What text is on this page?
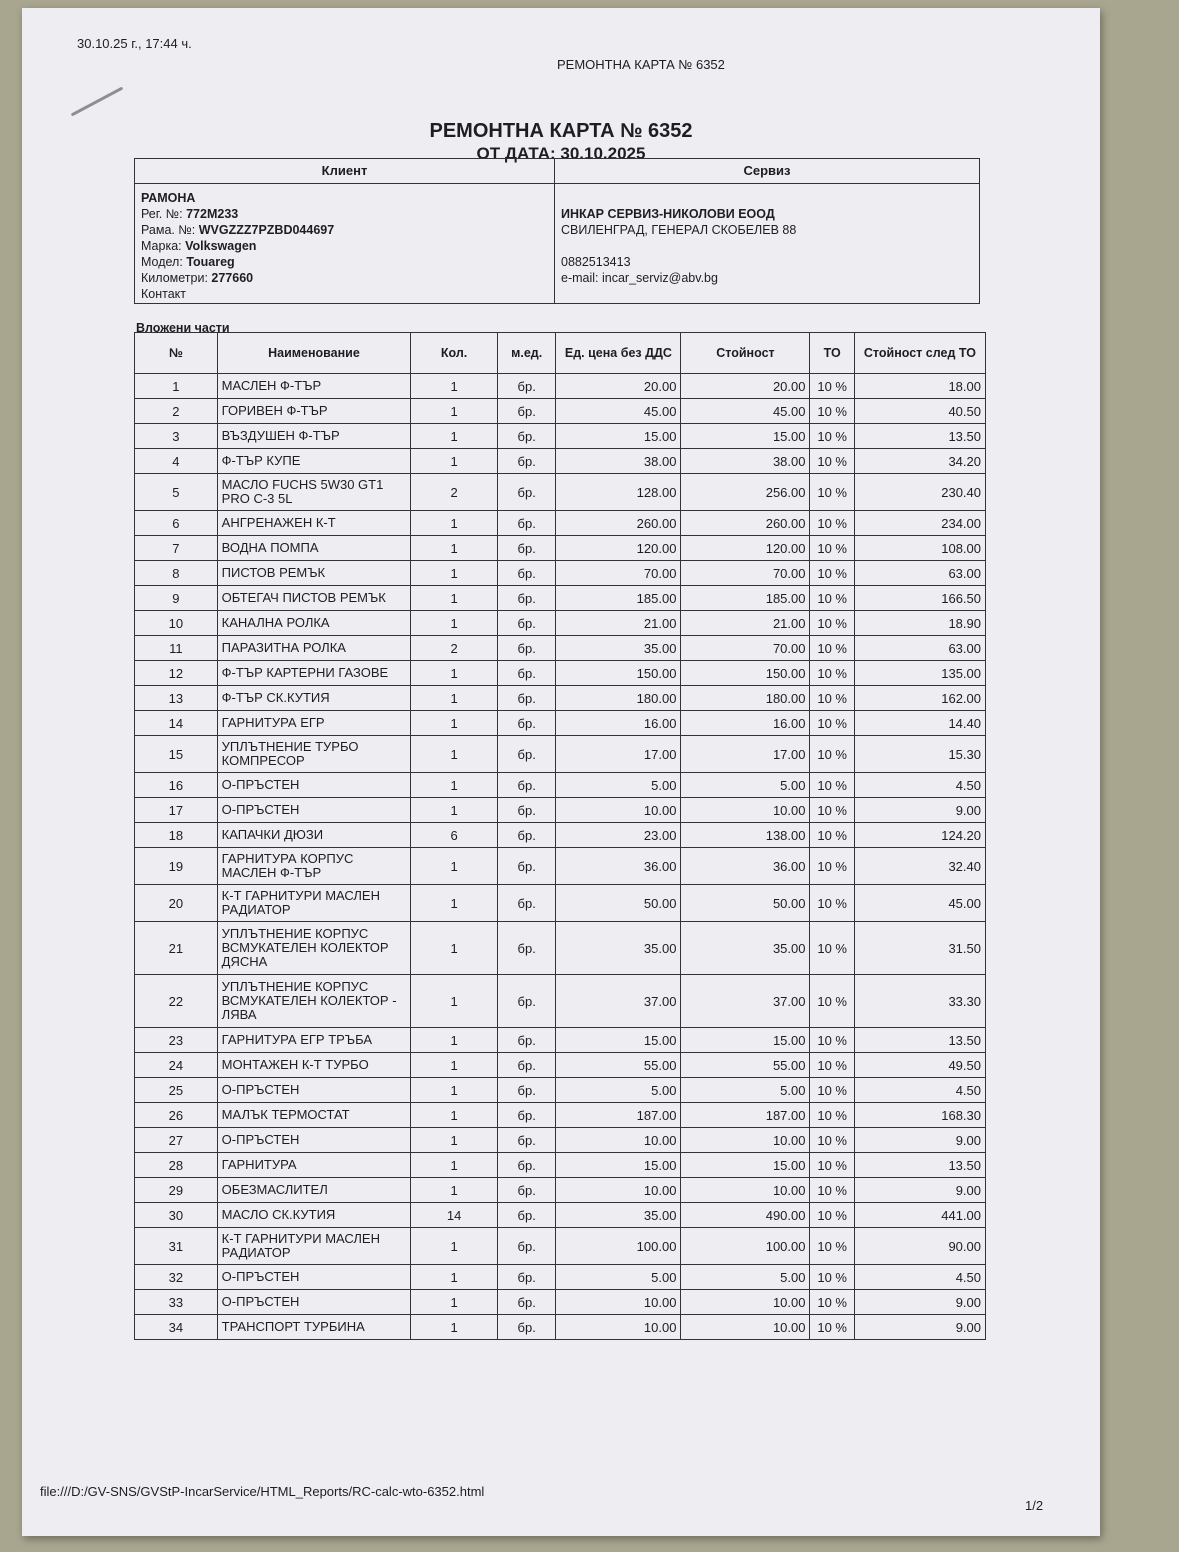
30.10.25 г., 17:44 ч.
РЕМОНТНА КАРТА № 6352
РЕМОНТНА КАРТА № 6352
ОТ ДАТА: 30.10.2025
Клиент	Сервиз
РАМОНА
Рег. №: 772M233
Рама. №: WVGZZZ7PZBD044697
Марка: Volkswagen
Модел: Touareg
Километри: 277660
Контакт
ИНКАР СЕРВИЗ-НИКОЛОВИ ЕООД
СВИЛЕНГРАД, ГЕНЕРАЛ СКОБЕЛЕВ 88
0882513413
e-mail: incar_serviz@abv.bg
Вложени части
№	Наименование	Кол.	м.ед.	Ед. цена без ДДС	Стойност	ТО	Стойност след ТО
1	МАСЛЕН Ф-ТЪР	1	бр.	20.00	20.00	10 %	18.00
2	ГОРИВЕН Ф-ТЪР	1	бр.	45.00	45.00	10 %	40.50
3	ВЪЗДУШЕН Ф-ТЪР	1	бр.	15.00	15.00	10 %	13.50
4	Ф-ТЪР КУПЕ	1	бр.	38.00	38.00	10 %	34.20
5	МАСЛО FUCHS 5W30 GT1 PRO C-3 5L	2	бр.	128.00	256.00	10 %	230.40
6	АНГРЕНАЖЕН К-Т	1	бр.	260.00	260.00	10 %	234.00
7	ВОДНА ПОМПА	1	бр.	120.00	120.00	10 %	108.00
8	ПИСТОВ РЕМЪК	1	бр.	70.00	70.00	10 %	63.00
9	ОБТЕГАЧ ПИСТОВ РЕМЪК	1	бр.	185.00	185.00	10 %	166.50
10	КАНАЛНА РОЛКА	1	бр.	21.00	21.00	10 %	18.90
11	ПАРАЗИТНА РОЛКА	2	бр.	35.00	70.00	10 %	63.00
12	Ф-ТЪР КАРТЕРНИ ГАЗОВЕ	1	бр.	150.00	150.00	10 %	135.00
13	Ф-ТЪР СК.КУТИЯ	1	бр.	180.00	180.00	10 %	162.00
14	ГАРНИТУРА ЕГР	1	бр.	16.00	16.00	10 %	14.40
15	УПЛЪТНЕНИЕ ТУРБО КОМПРЕСОР	1	бр.	17.00	17.00	10 %	15.30
16	О-ПРЪСТЕН	1	бр.	5.00	5.00	10 %	4.50
17	О-ПРЪСТЕН	1	бр.	10.00	10.00	10 %	9.00
18	КАПАЧКИ ДЮЗИ	6	бр.	23.00	138.00	10 %	124.20
19	ГАРНИТУРА КОРПУС МАСЛЕН Ф-ТЪР	1	бр.	36.00	36.00	10 %	32.40
20	К-Т ГАРНИТУРИ МАСЛЕН РАДИАТОР	1	бр.	50.00	50.00	10 %	45.00
21	УПЛЪТНЕНИЕ КОРПУС ВСМУКАТЕЛЕН КОЛЕКТОР ДЯСНА	1	бр.	35.00	35.00	10 %	31.50
22	УПЛЪТНЕНИЕ КОРПУС ВСМУКАТЕЛЕН КОЛЕКТОР - ЛЯВА	1	бр.	37.00	37.00	10 %	33.30
23	ГАРНИТУРА ЕГР ТРЪБА	1	бр.	15.00	15.00	10 %	13.50
24	МОНТАЖЕН К-Т ТУРБО	1	бр.	55.00	55.00	10 %	49.50
25	О-ПРЪСТЕН	1	бр.	5.00	5.00	10 %	4.50
26	МАЛЪК ТЕРМОСТАТ	1	бр.	187.00	187.00	10 %	168.30
27	О-ПРЪСТЕН	1	бр.	10.00	10.00	10 %	9.00
28	ГАРНИТУРА	1	бр.	15.00	15.00	10 %	13.50
29	ОБЕЗМАСЛИТЕЛ	1	бр.	10.00	10.00	10 %	9.00
30	МАСЛО СК.КУТИЯ	14	бр.	35.00	490.00	10 %	441.00
31	К-Т ГАРНИТУРИ МАСЛЕН РАДИАТОР	1	бр.	100.00	100.00	10 %	90.00
32	О-ПРЪСТЕН	1	бр.	5.00	5.00	10 %	4.50
33	О-ПРЪСТЕН	1	бр.	10.00	10.00	10 %	9.00
34	ТРАНСПОРТ ТУРБИНА	1	бр.	10.00	10.00	10 %	9.00
file:///D:/GV-SNS/GVStP-IncarService/HTML_Reports/RC-calc-wto-6352.html
1/2
